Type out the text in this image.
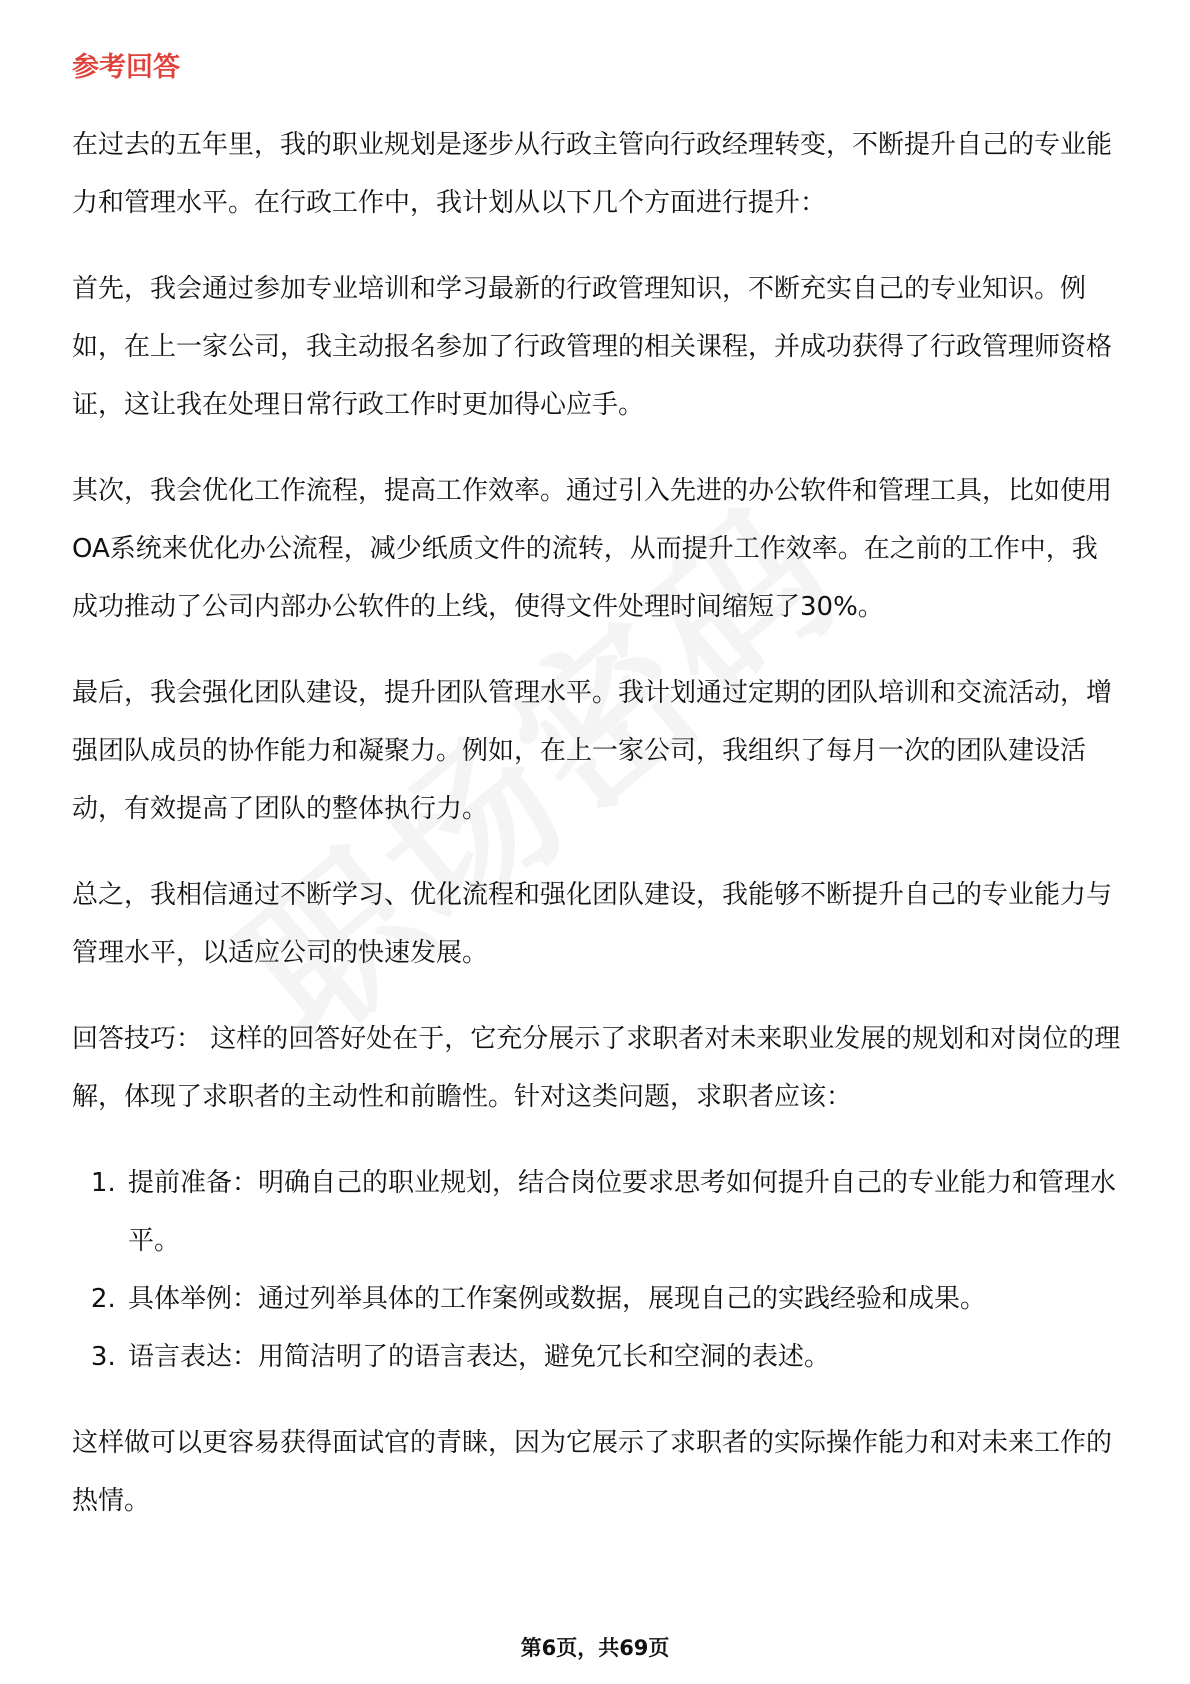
参考回答

在过去的五年里，我的职业规划是逐步从行政主管向行政经理转变，不断提升自己的专业能力和管理水平。在行政工作中，我计划从以下几个方面进行提升：

首先，我会通过参加专业培训和学习最新的行政管理知识，不断充实自己的专业知识。例如，在上一家公司，我主动报名参加了行政管理的相关课程，并成功获得了行政管理师资格证，这让我在处理日常行政工作时更加得心应手。

其次，我会优化工作流程，提高工作效率。通过引入先进的办公软件和管理工具，比如使用OA系统来优化办公流程，减少纸质文件的流转，从而提升工作效率。在之前的工作中，我成功推动了公司内部办公软件的上线，使得文件处理时间缩短了30%。

最后，我会强化团队建设，提升团队管理水平。我计划通过定期的团队培训和交流活动，增强团队成员的协作能力和凝聚力。例如，在上一家公司，我组织了每月一次的团队建设活动，有效提高了团队的整体执行力。

总之，我相信通过不断学习、优化流程和强化团队建设，我能够不断提升自己的专业能力与管理水平，以适应公司的快速发展。

回答技巧： 这样的回答好处在于，它充分展示了求职者对未来职业发展的规划和对岗位的理解，体现了求职者的主动性和前瞻性。针对这类问题，求职者应该：

1. 提前准备：明确自己的职业规划，结合岗位要求思考如何提升自己的专业能力和管理水平。
2. 具体举例：通过列举具体的工作案例或数据，展现自己的实践经验和成果。
3. 语言表达：用简洁明了的语言表达，避免冗长和空洞的表述。

这样做可以更容易获得面试官的青睐，因为它展示了求职者的实际操作能力和对未来工作的热情。

第6页，共69页
